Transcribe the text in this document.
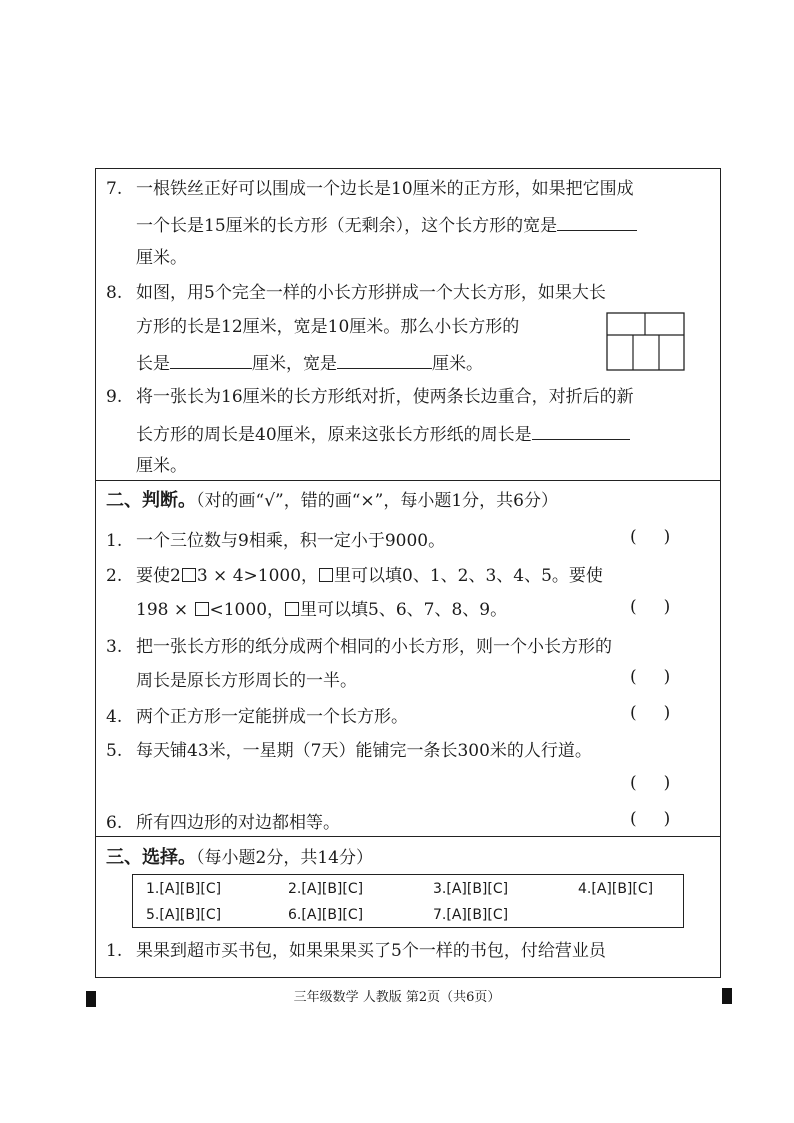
7. 一根铁丝正好可以围成一个边长是10厘米的正方形，如果把它围成
一个长是15厘米的长方形（无剩余），这个长方形的宽是
厘米。
8. 如图，用5个完全一样的小长方形拼成一个大长方形，如果大长
方形的长是12厘米，宽是10厘米。那么小长方形的
长是	厘米，宽是	厘米。
9. 将一张长为16厘米的长方形纸对折，使两条长边重合，对折后的新
长方形的周长是40厘米，原来这张长方形纸的周长是
厘米。
二、判断。（对的画“√”，错的画“×”，每小题1分，共6分）
1. 一个三位数与9相乘，积一定小于9000。	(     )
2. 要使2 3 × 4>1000， 里可以填0、1、2、3、4、5。要使
198 × <1000， 里可以填5、6、7、8、9。	(     )
3. 把一张长方形的纸分成两个相同的小长方形，则一个小长方形的
周长是原长方形周长的一半。	(     )
4. 两个正方形一定能拼成一个长方形。	(     )
5. 每天铺43米，一星期（7天）能铺完一条长300米的人行道。
(     )
6. 所有四边形的对边都相等。	(     )
三、选择。（每小题2分，共14分）
1.[A][B][C]	2.[A][B][C]	3.[A][B][C]	4.[A][B][C]
5.[A][B][C]	6.[A][B][C]	7.[A][B][C]
1. 果果到超市买书包，如果果果买了5个一样的书包，付给营业员
三年级数学 人教版 第2页（共6页）
